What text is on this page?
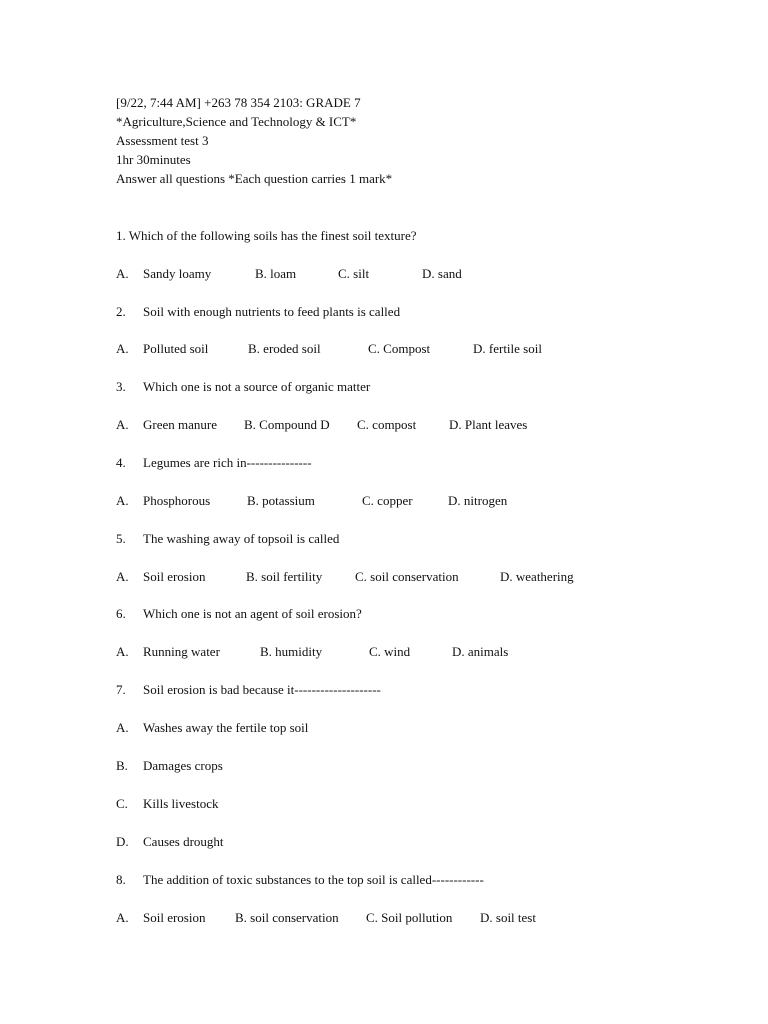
[9/22, 7:44 AM] +263 78 354 2103: GRADE 7
*Agriculture,Science and Technology & ICT*
Assessment test 3
1hr 30minutes
Answer all questions *Each question carries 1 mark*
1. Which of the following soils has the finest soil texture?
A. Sandy loamy	B. loam	C. silt	D. sand
2. Soil with enough nutrients to feed plants is called
A. Polluted soil	B. eroded soil	C. Compost	D. fertile soil
3. Which one is not a source of organic matter
A. Green manure B. Compound D C. compost	D. Plant leaves
4. Legumes are rich in---------------
A. Phosphorous	B. potassium	C. copper	D. nitrogen
5. The washing away of topsoil is called
A. Soil erosion	B. soil fertility	C. soil conservation	D. weathering
6. Which one is not an agent of soil erosion?
A. Running water	B. humidity	C. wind	D. animals
7. Soil erosion is bad because it--------------------
A. Washes away the fertile top soil
B. Damages crops
C. Kills livestock
D. Causes drought
8. The addition of toxic substances to the top soil is called------------
A. Soil erosion B. soil conservation C. Soil pollution D. soil test
